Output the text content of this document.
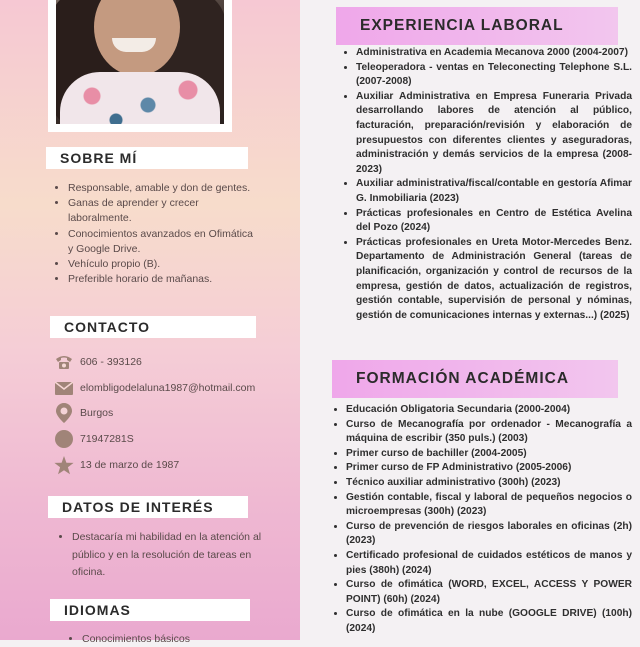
SOBRE MÍ
• Responsable, amable y don de gentes.
• Ganas de aprender y crecer laboralmente.
• Conocimientos avanzados en Ofimática y Google Drive.
• Vehículo propio (B).
• Preferible horario de mañanas.
CONTACTO
606 - 393126
elombligodelaluna1987@hotmail.com
Burgos
71947281S
13 de marzo de 1987
DATOS DE INTERÉS
• Destacaría mi habilidad en la atención al público y en la resolución de tareas en oficina.
IDIOMAS
• Conocimientos básicos
EXPERIENCIA LABORAL
• Administrativa en Academia Mecanova 2000 (2004-2007)
• Teleoperadora - ventas en Teleconecting Telephone S.L. (2007-2008)
• Auxiliar Administrativa en Empresa Funeraria Privada desarrollando labores de atención al público, facturación, preparación/revisión y elaboración de presupuestos con diferentes clientes y aseguradoras, administración y demás servicios de la empresa (2008-2023)
• Auxiliar administrativa/fiscal/contable en gestoría Afimar G. Inmobiliaria (2023)
• Prácticas profesionales en Centro de Estética Avelina del Pozo (2024)
• Prácticas profesionales en Ureta Motor-Mercedes Benz. Departamento de Administración General (tareas de planificación, organización y control de recursos de la empresa, gestión de datos, actualización de registros, gestión contable, supervisión de personal y nóminas, gestión de comunicaciones internas y externas...) (2025)
FORMACIÓN ACADÉMICA
• Educación Obligatoria Secundaria (2000-2004)
• Curso de Mecanografía por ordenador - Mecanografía a máquina de escribir (350 puls.) (2003)
• Primer curso de bachiller (2004-2005)
• Primer curso de FP Administrativo (2005-2006)
• Técnico auxiliar administrativo (300h) (2023)
• Gestión contable, fiscal y laboral de pequeños negocios o microempresas (300h) (2023)
• Curso de prevención de riesgos laborales en oficinas (2h) (2023)
• Certificado profesional de cuidados estéticos de manos y pies (380h) (2024)
• Curso de ofimática (WORD, EXCEL, ACCESS Y POWER POINT) (60h) (2024)
• Curso de ofimática en la nube (GOOGLE DRIVE) (100h) (2024)
